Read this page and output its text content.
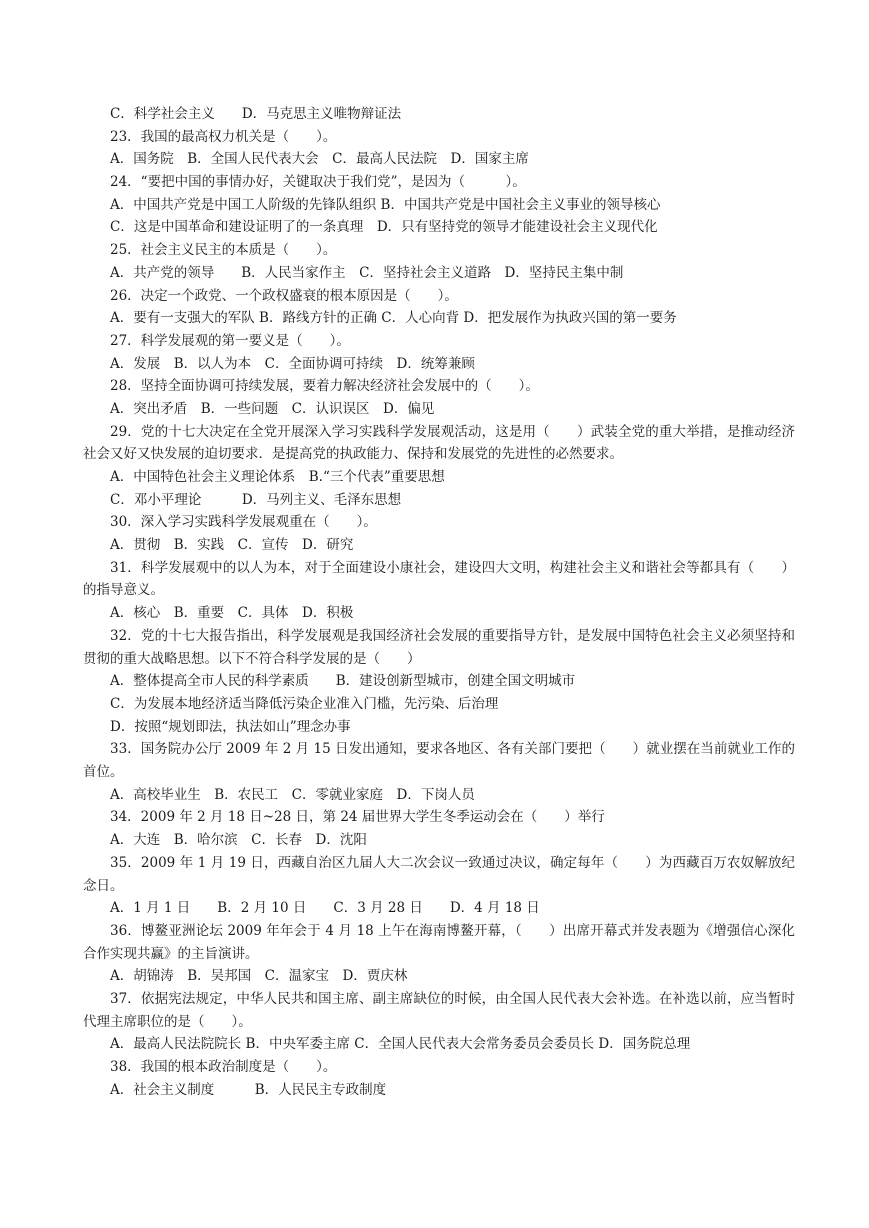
C．科学社会主义　　D．马克思主义唯物辩证法
23．我国的最高权力机关是（　　）。
A．国务院　B．全国人民代表大会　C．最高人民法院　D．国家主席
24．“要把中国的事情办好，关键取决于我们党”，是因为（　　　）。
A．中国共产党是中国工人阶级的先锋队组织 B．中国共产党是中国社会主义事业的领导核心
C．这是中国革命和建设证明了的一条真理　D．只有坚持党的领导才能建设社会主义现代化
25．社会主义民主的本质是（　　）。
A．共产党的领导　　B．人民当家作主　C．坚持社会主义道路　D．坚持民主集中制
26．决定一个政党、一个政权盛衰的根本原因是（　　）。
A．要有一支强大的军队 B．路线方针的正确 C．人心向背 D．把发展作为执政兴国的第一要务
27．科学发展观的第一要义是（　　）。
A．发展　B．以人为本　C．全面协调可持续　D．统筹兼顾
28．坚持全面协调可持续发展，要着力解决经济社会发展中的（　　）。
A．突出矛盾　B．一些问题　C．认识误区　D．偏见
29．党的十七大决定在全党开展深入学习实践科学发展观活动，这是用（　　）武装全党的重大举措，是推动经济社会又好又快发展的迫切要求．是提高党的执政能力、保持和发展党的先进性的必然要求。
A．中国特色社会主义理论体系　B.“三个代表”重要思想
C．邓小平理论　　　D．马列主义、毛泽东思想
30．深入学习实践科学发展观重在（　　）。
A．贯彻　B．实践　C．宣传　D．研究
31．科学发展观中的以人为本，对于全面建设小康社会，建设四大文明，构建社会主义和谐社会等都具有（　　）的指导意义。
A．核心　B．重要　C．具体　D．积极
32．党的十七大报告指出，科学发展观是我国经济社会发展的重要指导方针，是发展中国特色社会主义必须坚持和贯彻的重大战略思想。以下不符合科学发展的是（　　）
A．整体提高全市人民的科学素质　　B．建设创新型城市，创建全国文明城市
C．为发展本地经济适当降低污染企业准入门槛，先污染、后治理
D．按照“规划即法，执法如山”理念办事
33．国务院办公厅 2009 年 2 月 15 日发出通知，要求各地区、各有关部门要把（　　）就业摆在当前就业工作的首位。
A．高校毕业生　B．农民工　C．零就业家庭　D．下岗人员
34．2009 年 2 月 18 日~28 日，第 24 届世界大学生冬季运动会在（　　）举行
A．大连　B．哈尔滨　C．长春　D．沈阳
35．2009 年 1 月 19 日，西藏自治区九届人大二次会议一致通过决议，确定每年（　　）为西藏百万农奴解放纪念日。
A．1 月 1 日　　B．2 月 10 日　　C．3 月 28 日　　D．4 月 18 日
36．博鳌亚洲论坛 2009 年年会于 4 月 18 上午在海南博鳌开幕，（　　）出席开幕式并发表题为《增强信心深化合作实现共赢》的主旨演讲。
A．胡锦涛　B．吴邦国　C．温家宝　D．贾庆林
37．依据宪法规定，中华人民共和国主席、副主席缺位的时候，由全国人民代表大会补选。在补选以前，应当暂时代理主席职位的是（　　）。
A．最高人民法院院长 B．中央军委主席 C．全国人民代表大会常务委员会委员长 D．国务院总理
38．我国的根本政治制度是（　　）。
A．社会主义制度　　　B．人民民主专政制度
